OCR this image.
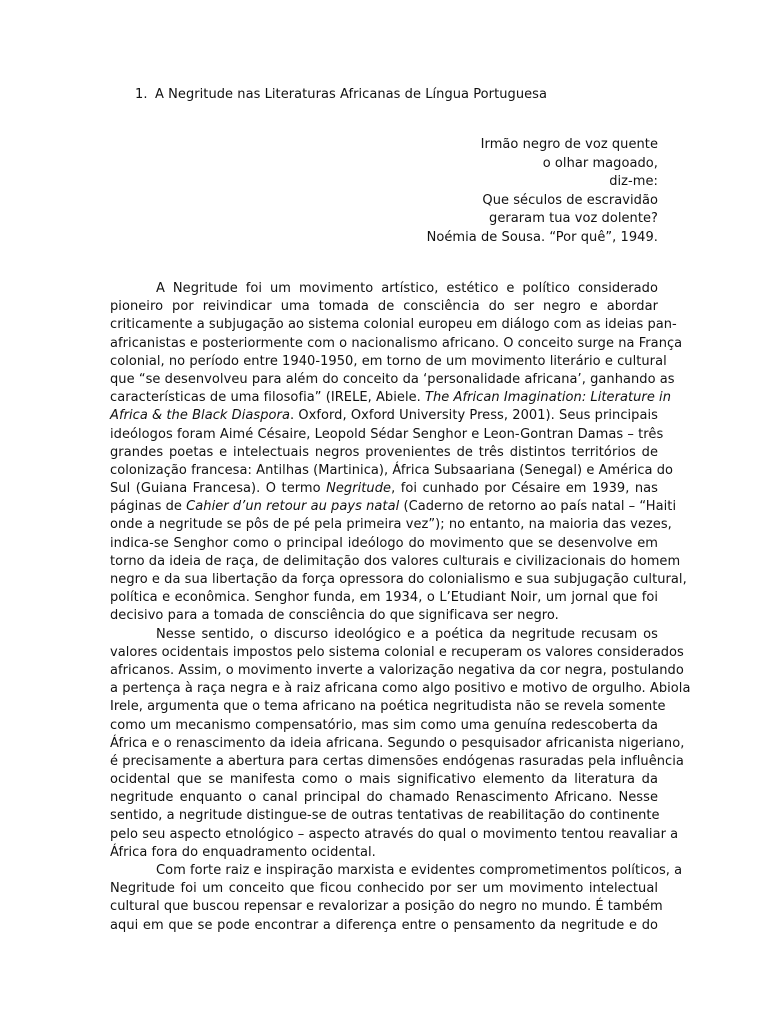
1. A Negritude nas Literaturas Africanas de Língua Portuguesa
Irmão negro de voz quente
o olhar magoado,
diz-me:
Que séculos de escravidão
geraram tua voz dolente?
Noémia de Sousa. “Por quê”, 1949.
A Negritude foi um movimento artístico, estético e político considerado
pioneiro por reivindicar uma tomada de consciência do ser negro e abordar
criticamente a subjugação ao sistema colonial europeu em diálogo com as ideias pan-
africanistas e posteriormente com o nacionalismo africano. O conceito surge na França
colonial, no período entre 1940-1950, em torno de um movimento literário e cultural
que “se desenvolveu para além do conceito da ‘personalidade africana’, ganhando as
características de uma filosofia” (IRELE, Abiele. The African Imagination: Literature in
Africa & the Black Diaspora. Oxford, Oxford University Press, 2001). Seus principais
ideólogos foram Aimé Césaire, Leopold Sédar Senghor e Leon-Gontran Damas – três
grandes poetas e intelectuais negros provenientes de três distintos territórios de
colonização francesa: Antilhas (Martinica), África Subsaariana (Senegal) e América do
Sul (Guiana Francesa). O termo Negritude, foi cunhado por Césaire em 1939, nas
páginas de Cahier d’un retour au pays natal (Caderno de retorno ao país natal – “Haiti
onde a negritude se pôs de pé pela primeira vez”); no entanto, na maioria das vezes,
indica-se Senghor como o principal ideólogo do movimento que se desenvolve em
torno da ideia de raça, de delimitação dos valores culturais e civilizacionais do homem
negro e da sua libertação da força opressora do colonialismo e sua subjugação cultural,
política e econômica. Senghor funda, em 1934, o L’Etudiant Noir, um jornal que foi
decisivo para a tomada de consciência do que significava ser negro.
Nesse sentido, o discurso ideológico e a poética da negritude recusam os
valores ocidentais impostos pelo sistema colonial e recuperam os valores considerados
africanos. Assim, o movimento inverte a valorização negativa da cor negra, postulando
a pertença à raça negra e à raiz africana como algo positivo e motivo de orgulho. Abiola
Irele, argumenta que o tema africano na poética negritudista não se revela somente
como um mecanismo compensatório, mas sim como uma genuína redescoberta da
África e o renascimento da ideia africana. Segundo o pesquisador africanista nigeriano,
é precisamente a abertura para certas dimensões endógenas rasuradas pela influência
ocidental que se manifesta como o mais significativo elemento da literatura da
negritude enquanto o canal principal do chamado Renascimento Africano. Nesse
sentido, a negritude distingue-se de outras tentativas de reabilitação do continente
pelo seu aspecto etnológico – aspecto através do qual o movimento tentou reavaliar a
África fora do enquadramento ocidental.
Com forte raiz e inspiração marxista e evidentes comprometimentos políticos, a
Negritude foi um conceito que ficou conhecido por ser um movimento intelectual
cultural que buscou repensar e revalorizar a posição do negro no mundo. É também
aqui em que se pode encontrar a diferença entre o pensamento da negritude e do
